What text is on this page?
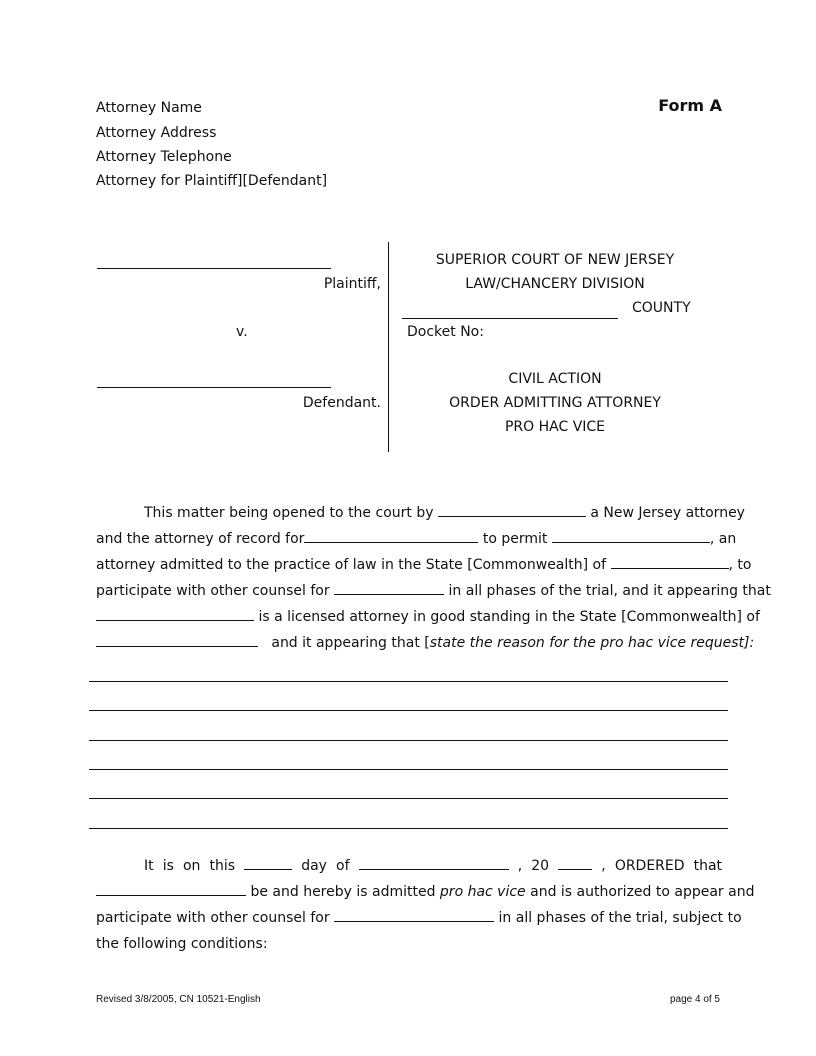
Attorney Name
Attorney Address
Attorney Telephone
Attorney for Plaintiff][Defendant]
Form A
Plaintiff,
v.
Defendant.
SUPERIOR COURT OF NEW JERSEY
LAW/CHANCERY DIVISION
COUNTY
Docket No:
CIVIL ACTION
ORDER ADMITTING ATTORNEY
PRO HAC VICE
This matter being opened to the court by	a New Jersey attorney
and the attorney of record for	to permit	, an
attorney admitted to the practice of law in the State [Commonwealth] of	, to
participate with other counsel for	in all phases of the trial, and it appearing that
is a licensed attorney in good standing in the State [Commonwealth] of
and it appearing that [state the reason for the pro hac vice request]:
It is on this	day of	, 20	, ORDERED that
be and hereby is admitted pro hac vice and is authorized to appear and
participate with other counsel for	in all phases of the trial, subject to
the following conditions:
Revised 3/8/2005, CN 10521-English	page 4 of 5
